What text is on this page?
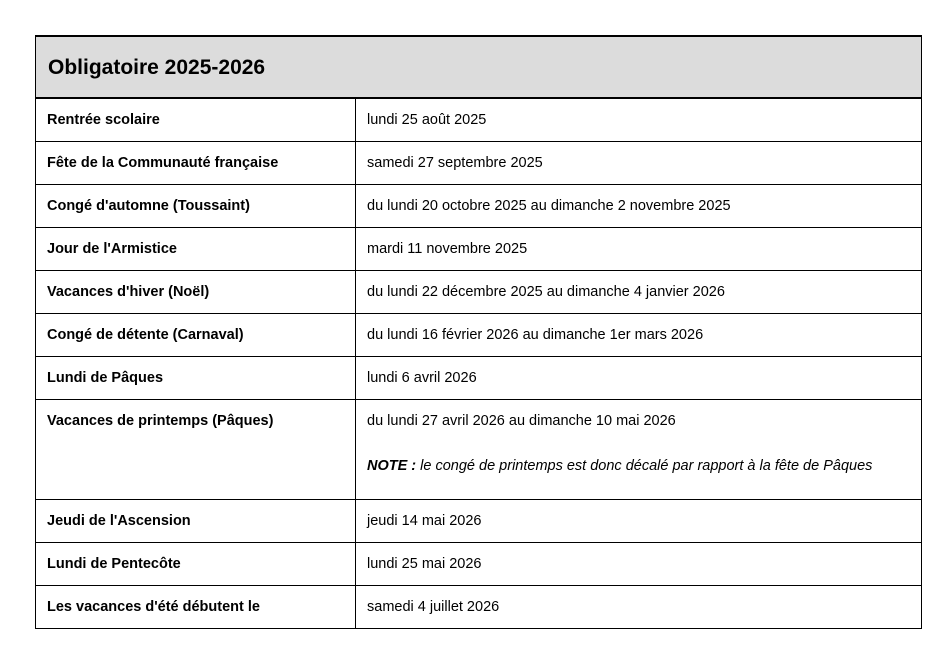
Obligatoire 2025-2026	
Rentrée scolaire	lundi 25 août 2025
Fête de la Communauté française	samedi 27 septembre 2025
Congé d'automne (Toussaint)	du lundi 20 octobre 2025 au dimanche 2 novembre 2025
Jour de l'Armistice	mardi 11 novembre 2025
Vacances d'hiver (Noël)	du lundi 22 décembre 2025 au dimanche 4 janvier 2026
Congé de détente (Carnaval)	du lundi 16 février 2026 au dimanche 1er mars 2026
Lundi de Pâques	lundi 6 avril 2026
Vacances de printemps (Pâques)	du lundi 27 avril 2026 au dimanche 10 mai 2026
NOTE : le congé de printemps est donc décalé par rapport à la fête de Pâques

Jeudi de l'Ascension	jeudi 14 mai 2026
Lundi de Pentecôte	lundi 25 mai 2026
Les vacances d'été débutent le	samedi 4 juillet 2026
